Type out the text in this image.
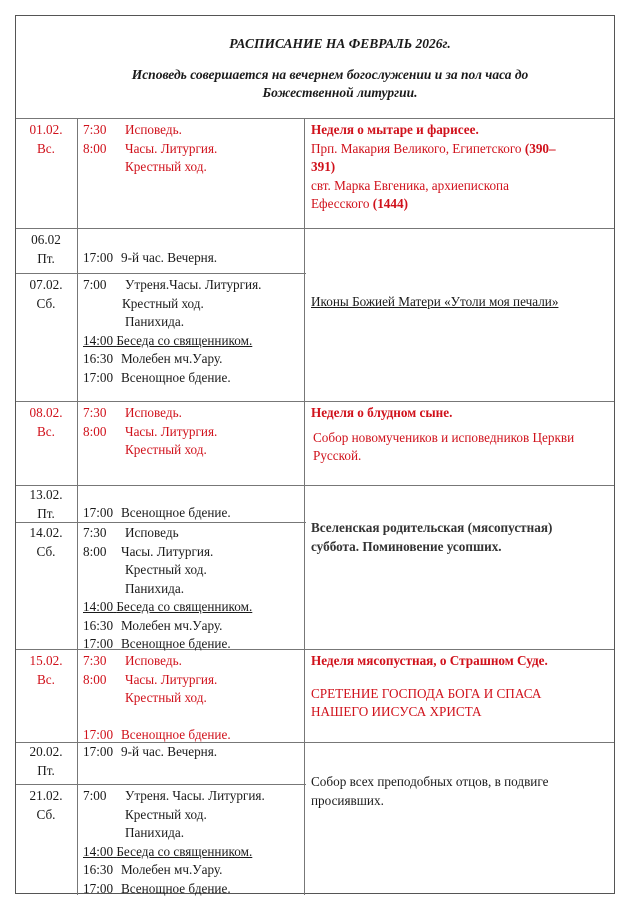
РАСПИСАНИЕ НА ФЕВРАЛЬ 2026г.
Исповедь совершается на вечернем богослужении и за пол часа до
Божественной литургии.
01.02.
Вс.
7:30 Исповедь.
8:00 Часы. Литургия.
Крестный ход.
Неделя о мытаре и фарисее.
Прп. Макария Великого, Египетского (390–
391)
свт. Марка Евгеника, архиепископа
Ефесского (1444)
06.02
Пт.	17:00 9-й час. Вечерня.
07.02.
Сб.
7:00 Утреня.Часы. Литургия.
Крестный ход.
Панихида.
14:00 Беседа со священником.
16:30 Молебен мч.Уару.
17:00 Всенощное бдение.
Иконы Божией Матери «Утоли моя печали»
08.02.
Вс.
7:30 Исповедь.
8:00 Часы. Литургия.
Крестный ход.
Неделя о блудном сыне.
Собор новомучеников и исповедников Церкви
Русской.
13.02.
Пт.	17:00 Всенощное бдение.
14.02.
Сб.
7:30 Исповедь
8:00 Часы. Литургия.
Крестный ход.
Панихида.
14:00 Беседа со священником.
16:30 Молебен мч.Уару.
17:00 Всенощное бдение.
Вселенская родительская (мясопустная)
суббота. Поминовение усопших.
15.02.
Вс.
7:30 Исповедь.
8:00 Часы. Литургия.
Крестный ход.
17:00 Всенощное бдение.
Неделя мясопустная, о Страшном Суде.
СРЕТЕНИЕ ГОСПОДА БОГА И СПАСА
НАШЕГО ИИСУСА ХРИСТА
20.02.
Пт.
17:00 9-й час. Вечерня.
21.02.
Сб.
7:00 Утреня. Часы. Литургия.
Крестный ход.
Панихида.
14:00 Беседа со священником.
16:30 Молебен мч.Уару.
17:00 Всенощное бдение.
Собор всех преподобных отцов, в подвиге
просиявших.
